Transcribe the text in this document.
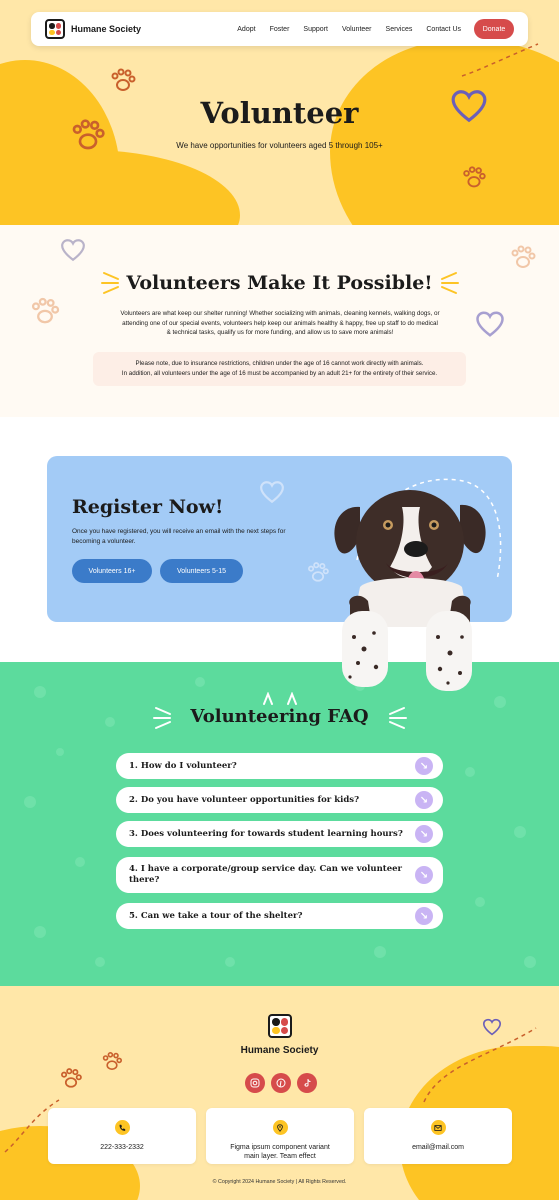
Humane Society	Adopt Foster Support Volunteer Services Contact Us	Donate
Volunteer

We have opportunities for volunteers aged 5 through 105+

Volunteers Make It Possible!

Volunteers are what keep our shelter running! Whether socializing with animals, cleaning kennels, walking dogs, or attending one of our special events, volunteers help keep our animals healthy & happy, free up staff to do medical & technical tasks, qualify us for more funding, and allow us to save more animals!

Please note, due to insurance restrictions, children under the age of 16 cannot work directly with animals.
In addition, all volunteers under the age of 16 must be accompanied by an adult 21+ for the entirety of their service.
Register Now!

Once you have registered, you will receive an email with the next steps for becoming a volunteer.

Volunteers 16+	Volunteers 5-15
Volunteering FAQ
1. How do I volunteer?	↘
2. Do you have volunteer opportunities for kids?	↘
3. Does volunteering for towards student learning hours?	↘
4. I have a corporate/group service day. Can we volunteer there?	↘
5. Can we take a tour of the shelter?	↘
Humane Society
222-333-2332	Figma ipsum component variant main layer. Team effect
email@mail.com
© Copyright 2024 Humane Society | All Rights Reserved.
